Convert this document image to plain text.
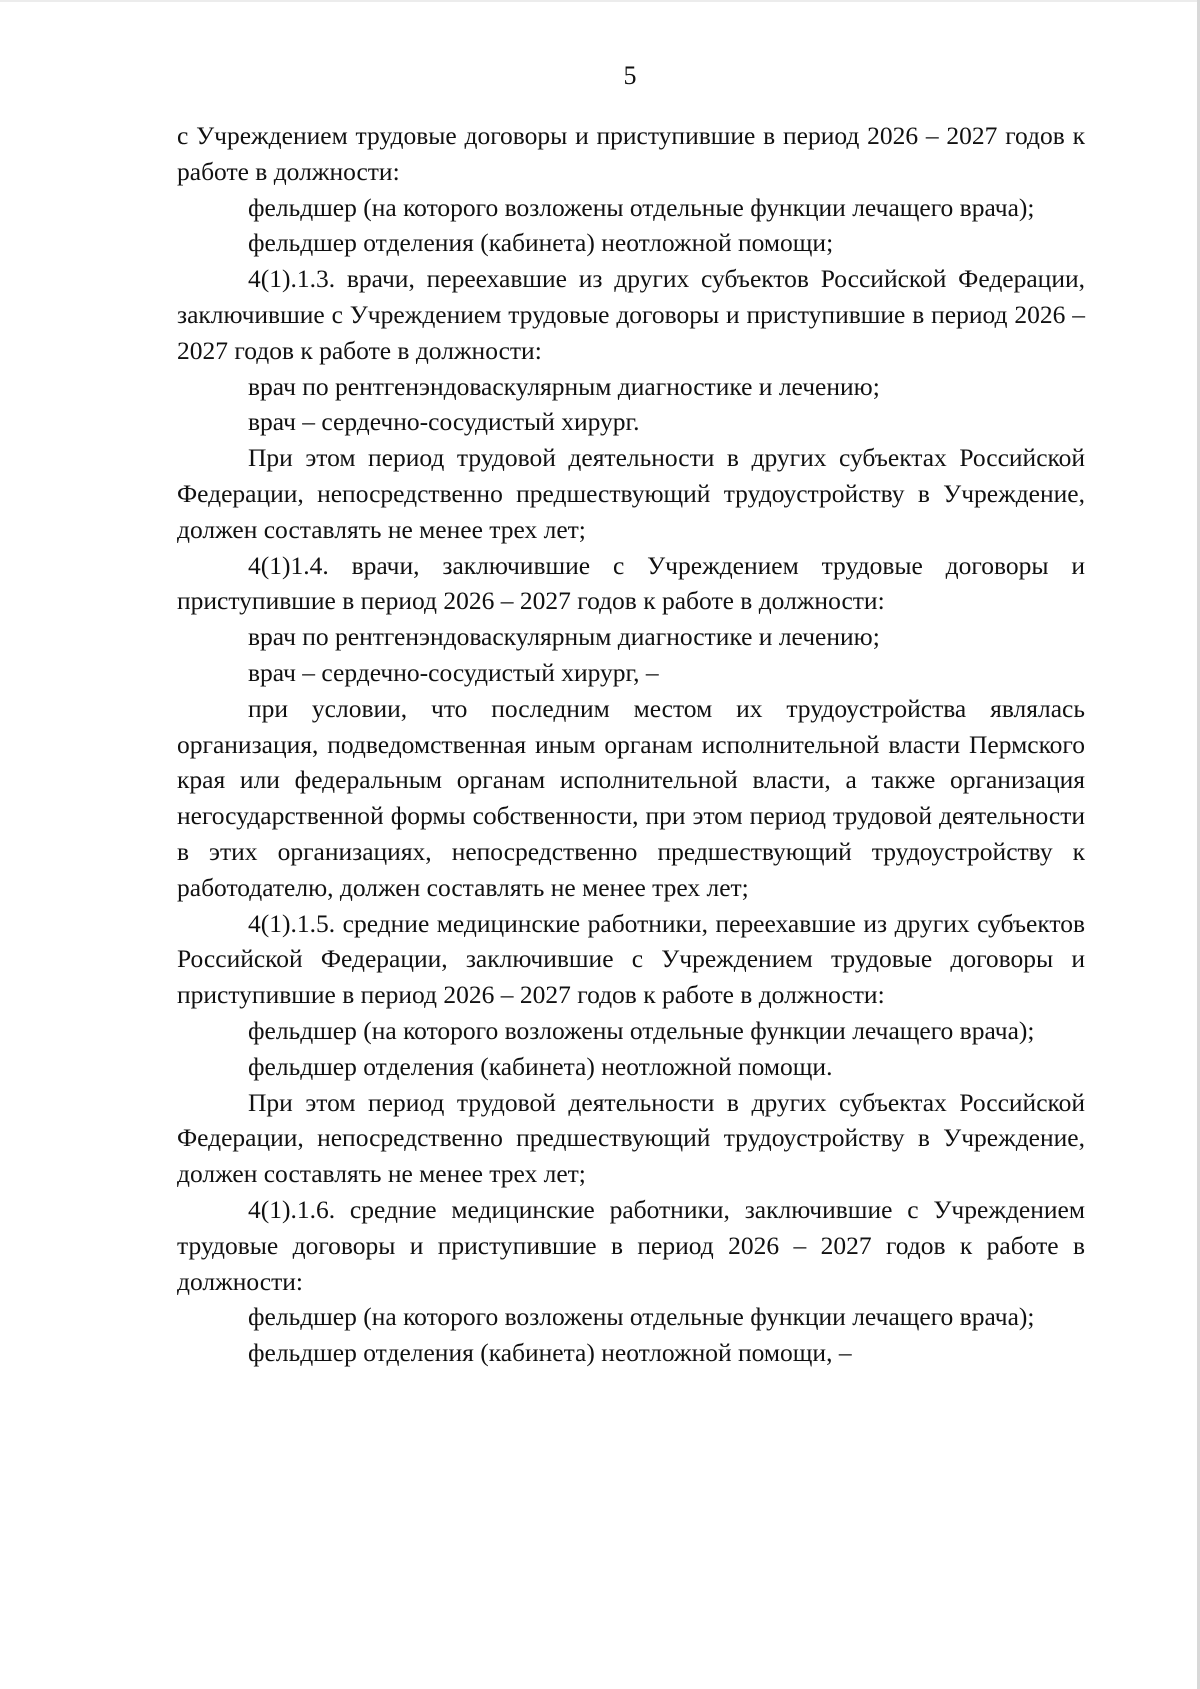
5

с Учреждением трудовые договоры и приступившие в период 2026 – 2027 годов к работе в должности:

фельдшер (на которого возложены отдельные функции лечащего врача);

фельдшер отделения (кабинета) неотложной помощи;

4(1).1.3. врачи, переехавшие из других субъектов Российской Федерации, заключившие с Учреждением трудовые договоры и приступившие в период 2026 – 2027 годов к работе в должности:

врач по рентгенэндоваскулярным диагностике и лечению;

врач – сердечно-сосудистый хирург.

При этом период трудовой деятельности в других субъектах Российской Федерации, непосредственно предшествующий трудоустройству в Учреждение, должен составлять не менее трех лет;

4(1)1.4. врачи, заключившие с Учреждением трудовые договоры и приступившие в период 2026 – 2027 годов к работе в должности:

врач по рентгенэндоваскулярным диагностике и лечению;

врач – сердечно-сосудистый хирург, –

при условии, что последним местом их трудоустройства являлась организация, подведомственная иным органам исполнительной власти Пермского края или федеральным органам исполнительной власти, а также организация негосударственной формы собственности, при этом период трудовой деятельности в этих организациях, непосредственно предшествующий трудоустройству к работодателю, должен составлять не менее трех лет;

4(1).1.5. средние медицинские работники, переехавшие из других субъектов Российской Федерации, заключившие с Учреждением трудовые договоры и приступившие в период 2026 – 2027 годов к работе в должности:

фельдшер (на которого возложены отдельные функции лечащего врача);

фельдшер отделения (кабинета) неотложной помощи.

При этом период трудовой деятельности в других субъектах Российской Федерации, непосредственно предшествующий трудоустройству в Учреждение, должен составлять не менее трех лет;

4(1).1.6. средние медицинские работники, заключившие с Учреждением трудовые договоры и приступившие в период 2026 – 2027 годов к работе в должности:

фельдшер (на которого возложены отдельные функции лечащего врача);

фельдшер отделения (кабинета) неотложной помощи, –
